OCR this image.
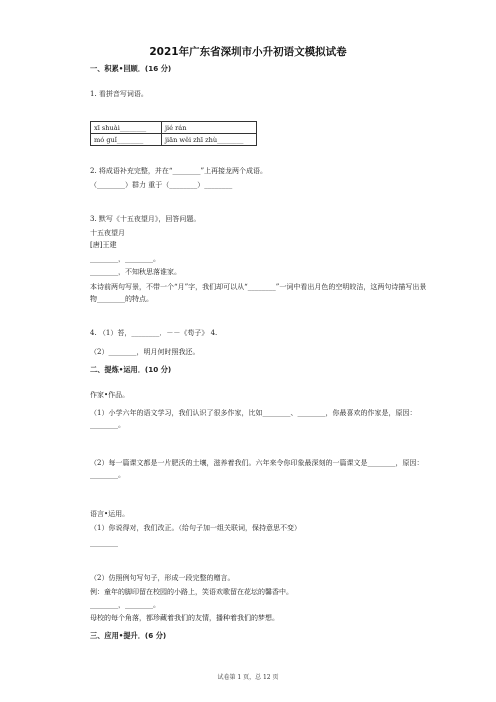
2021年广东省深圳市小升初语文模拟试卷
一、积累•回顾．(16 分)
1. 看拼音写词语。
xī shuài________	jié rán
mó guǐ________	jiān wěi zhī zhù________
2. 将成语补充完整，并在“________”上再接龙两个成语。
（________）群力 重于（________）________
3. 默写《十五夜望月》，回答问题。
十五夜望月
[唐]王建
________，________。
________，不知秋思落谁家。
本诗前两句写景，不带一个“月”字，我们却可以从“________”一词中看出月色的空明皎洁，这两句诗描写出景物________的特点。
4. （1）苔，________．－－《苟子》 4.
（2）________，明月何时照我还。
二、提炼•运用．(10 分)
作家•作品。
（1）小学六年的语文学习，我们认识了很多作家，比如________、________，你最喜欢的作家是，原因：________。
（2）每一篇课文都是一片肥沃的土壤，滋养着我们。六年来令你印象最深刻的一篇课文是________，原因：________。
语言•运用。
（1）你说得对，我们改正。（给句子加一组关联词，保持意思不变）
________
（2）仿照例句写句子，形成一段完整的赠言。
例：童年的脚印留在校园的小路上，笑语欢歌留在花坛的馨香中。
________，________。
母校的每个角落，都珍藏着我们的友情，播种着我们的梦想。
三、应用•提升．(6 分)
试卷第 1 页，总 12 页
